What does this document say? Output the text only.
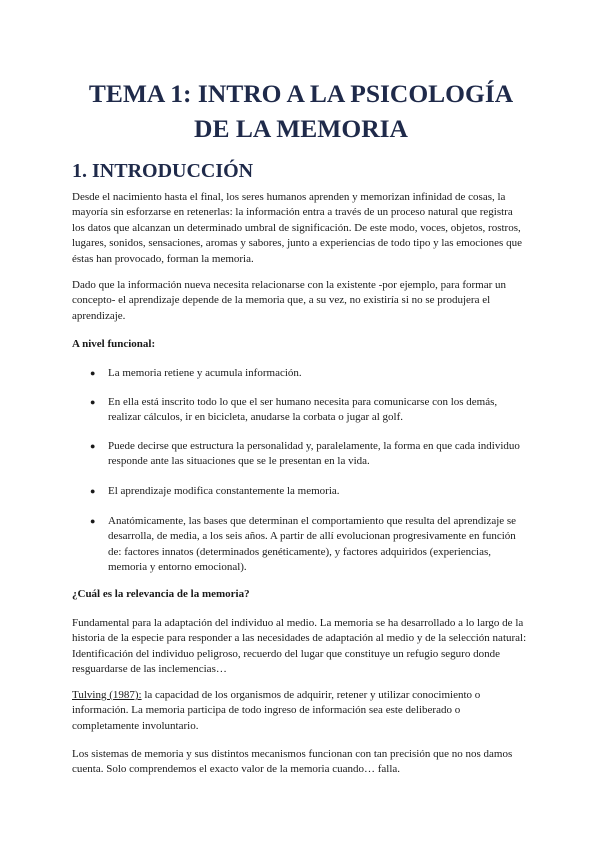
TEMA 1: INTRO A LA PSICOLOGÍA
DE LA MEMORIA
1. INTRODUCCIÓN

Desde el nacimiento hasta el final, los seres humanos aprenden y memorizan infinidad de cosas, la mayoría sin esforzarse en retenerlas: la información entra a través de un proceso natural que registra los datos que alcanzan un determinado umbral de significación. De este modo, voces, objetos, rostros, lugares, sonidos, sensaciones, aromas y sabores, junto a experiencias de todo tipo y las emociones que éstas han provocado, forman la memoria.

Dado que la información nueva necesita relacionarse con la existente -por ejemplo, para formar un concepto- el aprendizaje depende de la memoria que, a su vez, no existiría si no se produjera el aprendizaje.

A nivel funcional:

● La memoria retiene y acumula información.
● En ella está inscrito todo lo que el ser humano necesita para comunicarse con los demás, realizar cálculos, ir en bicicleta, anudarse la corbata o jugar al golf.
● Puede decirse que estructura la personalidad y, paralelamente, la forma en que cada individuo responde ante las situaciones que se le presentan en la vida.
● El aprendizaje modifica constantemente la memoria.
● Anatómicamente, las bases que determinan el comportamiento que resulta del aprendizaje se desarrolla, de media, a los seis años. A partir de allí evolucionan progresivamente en función de: factores innatos (determinados genéticamente), y factores adquiridos (experiencias, memoria y entorno emocional).

¿Cuál es la relevancia de la memoria?

Fundamental para la adaptación del individuo al medio. La memoria se ha desarrollado a lo largo de la historia de la especie para responder a las necesidades de adaptación al medio y de la selección natural: Identificación del individuo peligroso, recuerdo del lugar que constituye un refugio seguro donde resguardarse de las inclemencias…

Tulving (1987): la capacidad de los organismos de adquirir, retener y utilizar conocimiento o información. La memoria participa de todo ingreso de información sea este deliberado o completamente involuntario.

Los sistemas de memoria y sus distintos mecanismos funcionan con tan precisión que no nos damos cuenta. Solo comprendemos el exacto valor de la memoria cuando… falla.
